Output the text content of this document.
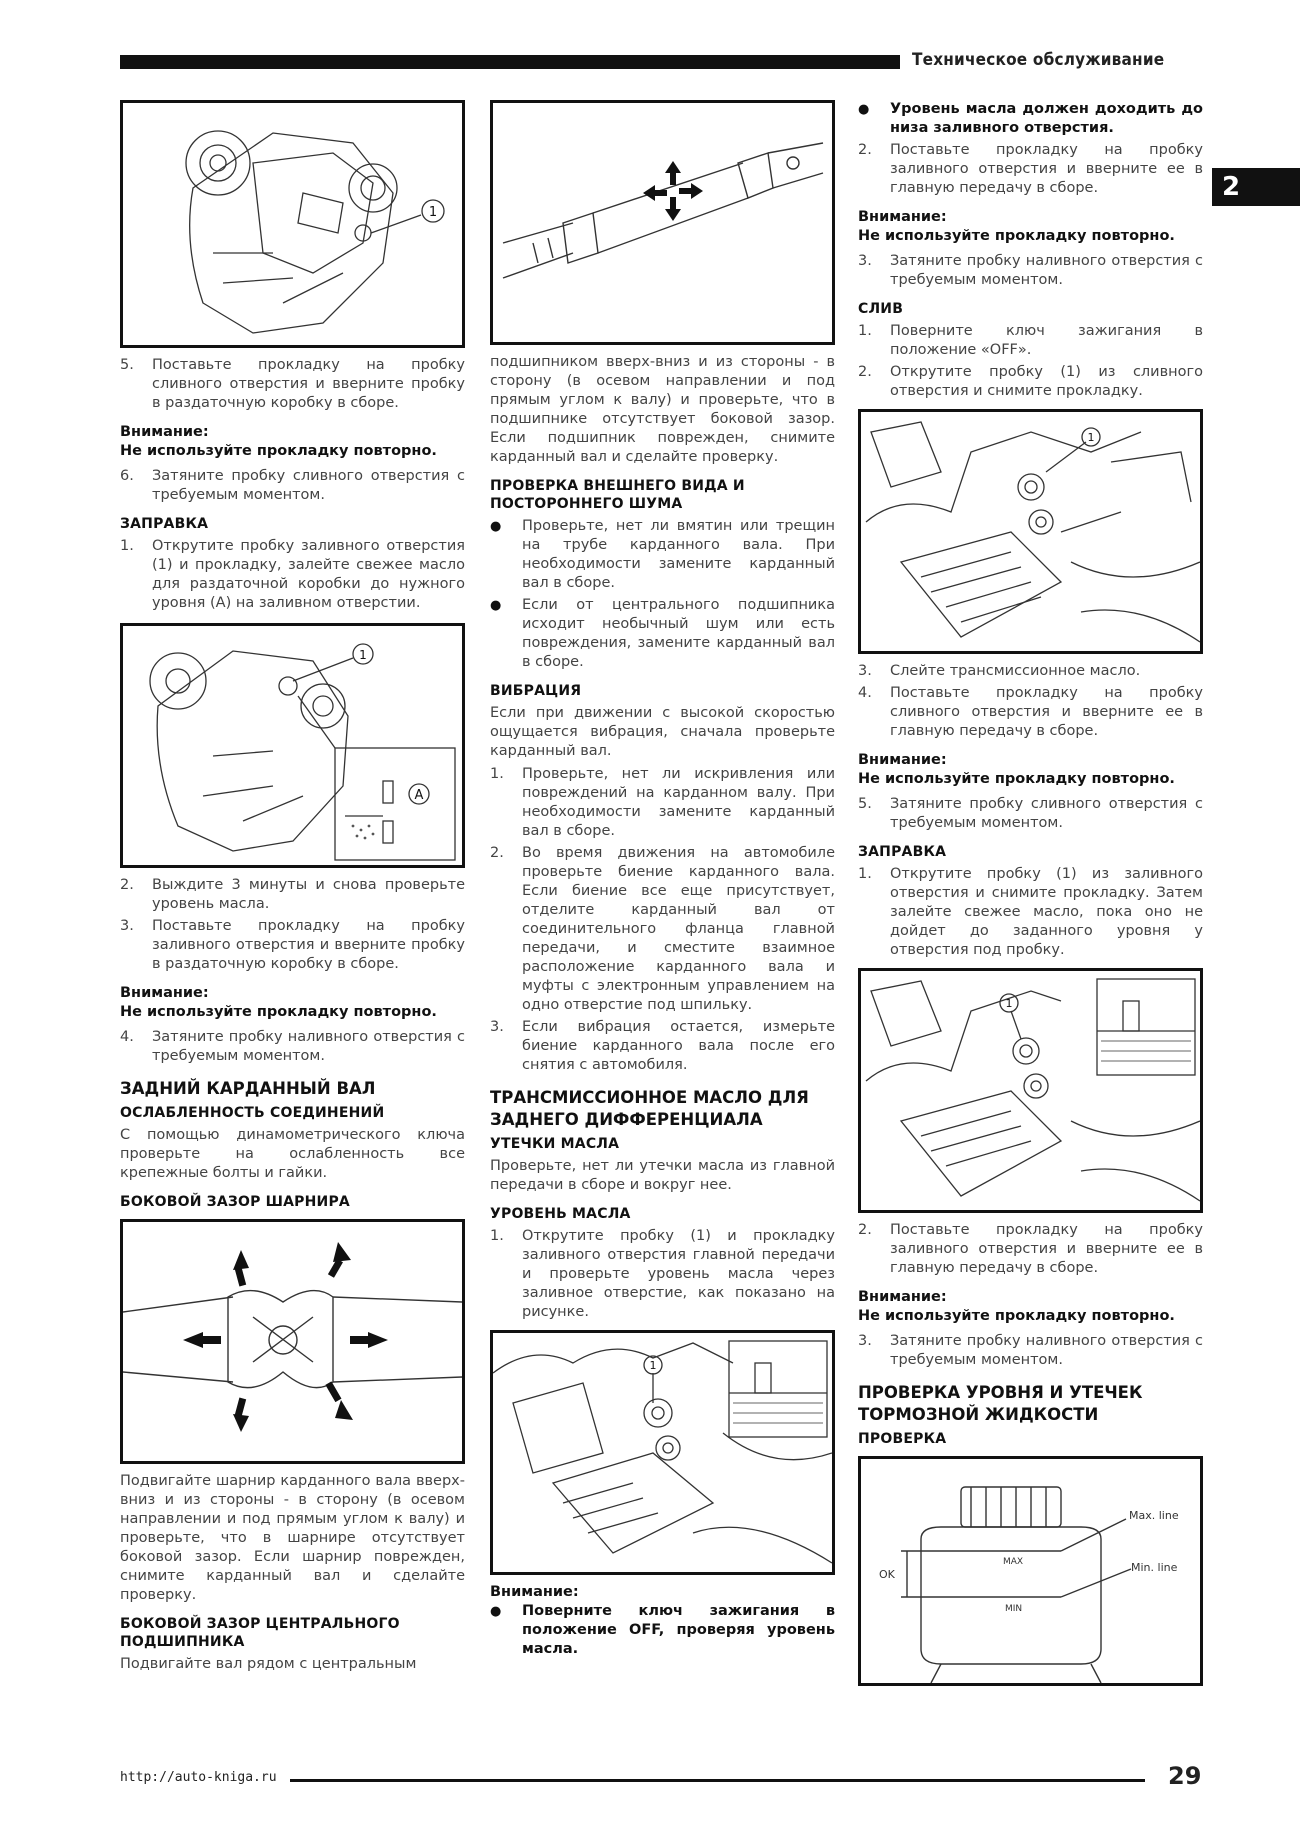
Техническое обслуживание
2
1
5.	Поставьте прокладку на пробку сливного отверстия и вверните пробку в раздаточную коробку в сборе.
Внимание:
Не используйте прокладку повторно.
6.	Затяните пробку сливного отверстия с требуемым моментом.
ЗАПРАВКА
1.	Открутите пробку заливного отверстия (1) и прокладку, залейте свежее масло для раздаточной коробки до нужного уровня (А) на заливном отверстии.
1
A
2.	Выждите 3 минуты и снова проверьте уровень масла.
3.	Поставьте прокладку на пробку заливного отверстия и вверните пробку в раздаточную коробку в сборе.
Внимание:
Не используйте прокладку повторно.
4.	Затяните пробку наливного отверстия с требуемым моментом.
ЗАДНИЙ КАРДАННЫЙ ВАЛ
ОСЛАБЛЕННОСТЬ СОЕДИНЕНИЙ
С помощью динамометрического ключа проверьте на ослабленность все крепежные болты и гайки.
БОКОВОЙ ЗАЗОР ШАРНИРА
Подвигайте шарнир карданного вала вверх-вниз и из стороны - в сторону (в осевом направлении и под прямым углом к валу) и проверьте, что в шарнире отсутствует боковой зазор. Если шарнир поврежден, снимите карданный вал и сделайте проверку.
БОКОВОЙ ЗАЗОР ЦЕНТРАЛЬНОГО ПОДШИПНИКА
Подвигайте вал рядом с центральным
подшипником вверх-вниз и из стороны - в сторону (в осевом направлении и под прямым углом к валу) и проверьте, что в подшипнике отсутствует боковой зазор. Если подшипник поврежден, снимите карданный вал и сделайте проверку.
ПРОВЕРКА ВНЕШНЕГО ВИДА И ПОСТОРОННЕГО ШУМА
●	Проверьте, нет ли вмятин или трещин на трубе карданного вала. При необходимости замените карданный вал в сборе.
●	Если от центрального подшипника исходит необычный шум или есть повреждения, замените карданный вал в сборе.
ВИБРАЦИЯ
Если при движении с высокой скоростью ощущается вибрация, сначала проверьте карданный вал.
1.	Проверьте, нет ли искривления или повреждений на карданном валу. При необходимости замените карданный вал в сборе.
2.	Во время движения на автомобиле проверьте биение карданного вала. Если биение все еще присутствует, отделите карданный вал от соединительного фланца главной передачи, и сместите взаимное расположение карданного вала и муфты с электронным управлением на одно отверстие под шпильку.
3.	Если вибрация остается, измерьте биение карданного вала после его снятия с автомобиля.
ТРАНСМИССИОННОЕ МАСЛО ДЛЯ ЗАДНЕГО ДИФФЕРЕНЦИАЛА
УТЕЧКИ МАСЛА
Проверьте, нет ли утечки масла из главной передачи в сборе и вокруг нее.
УРОВЕНЬ МАСЛА
1.	Открутите пробку (1) и прокладку заливного отверстия главной передачи и проверьте уровень масла через заливное отверстие, как показано на рисунке.
1
Внимание:
●	Поверните ключ зажигания в положение OFF, проверяя уровень масла.
●	Уровень масла должен доходить до низа заливного отверстия.
2.	Поставьте прокладку на пробку заливного отверстия и вверните ее в главную передачу в сборе.
Внимание:
Не используйте прокладку повторно.
3.	Затяните пробку наливного отверстия с требуемым моментом.
СЛИВ
1.	Поверните ключ зажигания в положение «OFF».
2.	Открутите пробку (1) из сливного отверстия и снимите прокладку.
1
3.	Слейте трансмиссионное масло.
4.	Поставьте прокладку на пробку сливного отверстия и вверните ее в главную передачу в сборе.
Внимание:
Не используйте прокладку повторно.
5.	Затяните пробку сливного отверстия с требуемым моментом.
ЗАПРАВКА
1.	Открутите пробку (1) из заливного отверстия и снимите прокладку. Затем залейте свежее масло, пока оно не дойдет до заданного уровня у отверстия под пробку.
1
2.	Поставьте прокладку на пробку заливного отверстия и вверните ее в главную передачу в сборе.
Внимание:
Не используйте прокладку повторно.
3.	Затяните пробку наливного отверстия с требуемым моментом.
ПРОВЕРКА УРОВНЯ И УТЕЧЕК ТОРМОЗНОЙ ЖИДКОСТИ
ПРОВЕРКА
Max. line
Min. line
OK
MAX
MIN
http://auto-kniga.ru	29
